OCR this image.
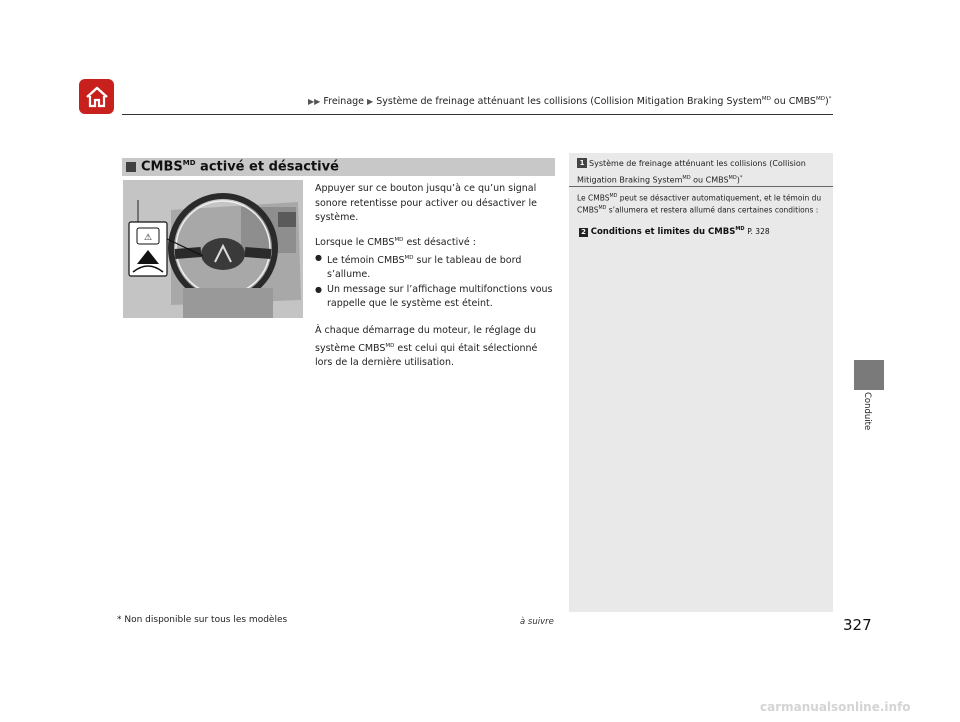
▶▶ Freinage ▶ Système de freinage atténuant les collisions (Collision Mitigation Braking System$^{MD}$ ou $CMBS^{MD})^*$
$CMBS^{MD}$ activé et désactivé
⚠

Appuyer sur ce bouton jusqu’à ce qu’un signal sonore retentisse pour activer ou désactiver le système.

Lorsque le $CMBS^{MD}$ est désactivé :

● Le témoin $CMBS^{MD}$ sur le tableau de bord s’allume.
● Un message sur l’affichage multifonctions vous rappelle que le système est éteint.

À chaque démarrage du moteur, le réglage du système $CMBS^{MD}$ est celui qui était sélectionné lors de la dernière utilisation.

1 Système de freinage atténuant les collisions (Collision Mitigation Braking System$^{MD}$ ou $CMBS^{MD})^*$
Le $CMBS^{MD}$ peut se désactiver automatiquement, et le témoin du $CMBS^{MD}$ s’allumera et restera allumé dans certaines conditions :
2 Conditions et limites du $CMBS^{MD}$ P. 328
Conduite
* Non disponible sur tous les modèles	à suivre	327
carmanualsonline.info
